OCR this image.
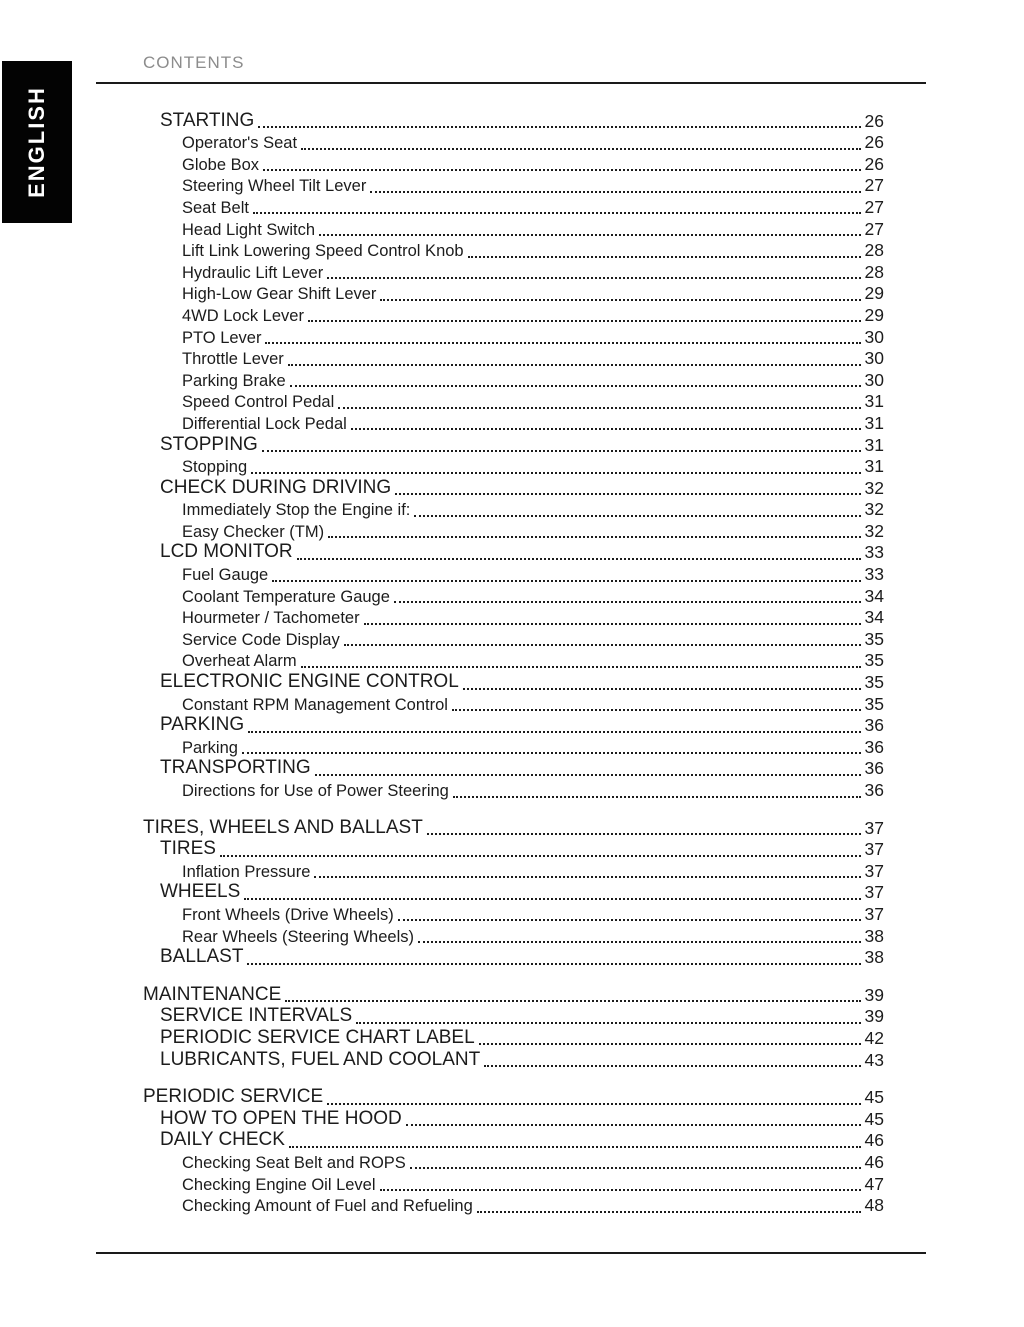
ENGLISH
CONTENTS
STARTING	26
Operator's Seat	26
Globe Box	26
Steering Wheel Tilt Lever	27
Seat Belt	27
Head Light Switch	27
Lift Link Lowering Speed Control Knob	28
Hydraulic Lift Lever	28
High-Low Gear Shift Lever	29
4WD Lock Lever	29
PTO Lever	30
Throttle Lever	30
Parking Brake	30
Speed Control Pedal	31
Differential Lock Pedal	31
STOPPING	31
Stopping	31
CHECK DURING DRIVING	32
Immediately Stop the Engine if:	32
Easy Checker (TM)	32
LCD MONITOR	33
Fuel Gauge	33
Coolant Temperature Gauge	34
Hourmeter / Tachometer	34
Service Code Display	35
Overheat Alarm	35
ELECTRONIC ENGINE CONTROL	35
Constant RPM Management Control	35
PARKING	36
Parking	36
TRANSPORTING	36
Directions for Use of Power Steering	36
TIRES, WHEELS AND BALLAST	37
TIRES	37
Inflation Pressure	37
WHEELS	37
Front Wheels (Drive Wheels)	37
Rear Wheels (Steering Wheels)	38
BALLAST	38
MAINTENANCE	39
SERVICE INTERVALS	39
PERIODIC SERVICE CHART LABEL	42
LUBRICANTS, FUEL AND COOLANT	43
PERIODIC SERVICE	45
HOW TO OPEN THE HOOD	45
DAILY CHECK	46
Checking Seat Belt and ROPS	46
Checking Engine Oil Level	47
Checking Amount of Fuel and Refueling	48
